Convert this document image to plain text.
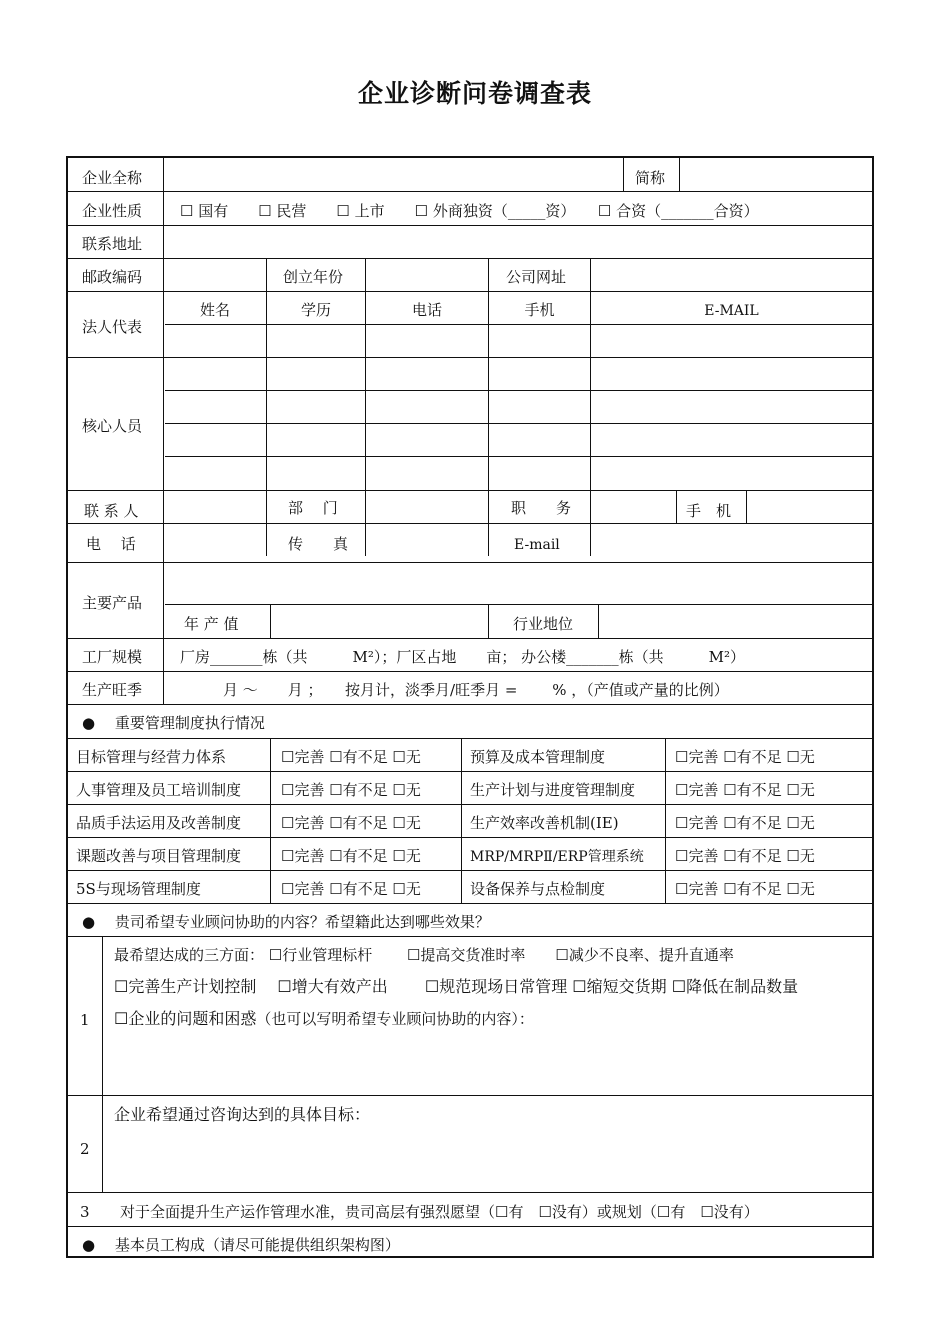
企业诊断问卷调查表
企业全称	简称
企业性质	☐ 国有　　☐ 民营　　☐ 上市　　☐ 外商独资（_____资）　　☐ 合资（_______合资）
联系地址
邮政编码	创立年份	公司网址
法人代表
姓名	学历	电话	手机	E-MAIL
核心人员
联 系 人	部　 门	职　　务	手　机
电　 话	传　　真	E-mail
主要产品
年 产 值	行业地位
工厂规模	厂房_______栋（共　　　M²）；厂区占地　　亩； 办公楼_______栋（共　　　M²）
生产旺季	月 ～　　月 ；　　按月计，淡季月/旺季月 =　　 % ，（产值或产量的比例）
●　 重要管理制度执行情况
目标管理与经营力体系	☐完善 ☐有不足 ☐无	预算及成本管理制度	☐完善 ☐有不足 ☐无
人事管理及员工培训制度	☐完善 ☐有不足 ☐无	生产计划与进度管理制度	☐完善 ☐有不足 ☐无
品质手法运用及改善制度	☐完善 ☐有不足 ☐无	生产效率改善机制(IE)	☐完善 ☐有不足 ☐无
课题改善与项目管理制度	☐完善 ☐有不足 ☐无	MRP/MRPⅡ/ERP管理系统 ☐完善 ☐有不足 ☐无
5S与现场管理制度	☐完善 ☐有不足 ☐无	设备保养与点检制度	☐完善 ☐有不足 ☐无
●　 贵司希望专业顾问协助的内容？希望籍此达到哪些效果？
1
最希望达成的三方面： ☐行业管理标杆　　 ☐提高交货准时率　　☐减少不良率、提升直通率
☐完善生产计划控制　 ☐增大有效产出　　 ☐规范现场日常管理 ☐缩短交货期 ☐降低在制品数量
☐企业的问题和困惑（也可以写明希望专业顾问协助的内容）：
2
企业希望通过咨询达到的具体目标：
3 对于全面提升生产运作管理水准，贵司高层有强烈愿望（☐有　☐没有）或规划（☐有　☐没有）
●　 基本员工构成（请尽可能提供组织架构图）
